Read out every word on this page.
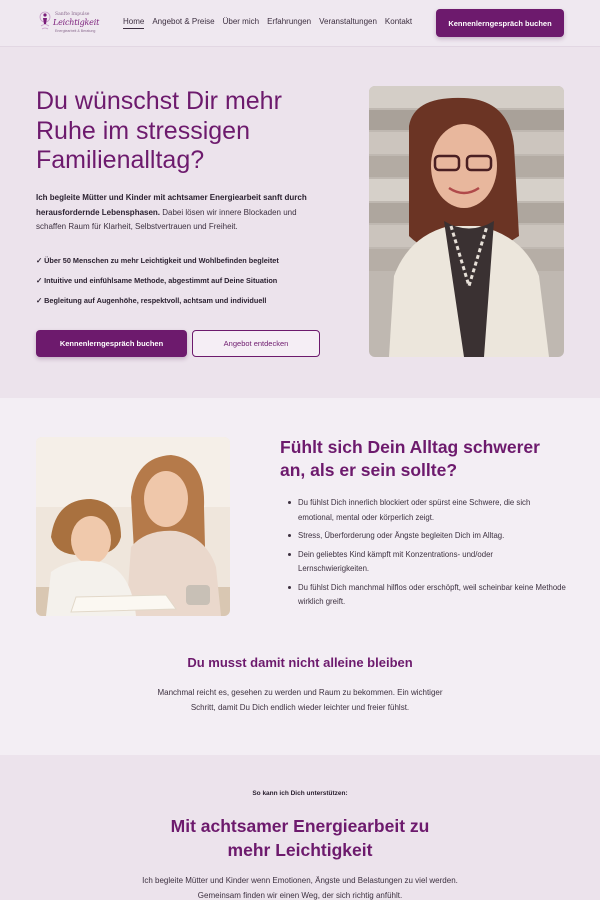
Sanfte Impulse
Leichtigkeit
Energiearbeit & Beratung
Home Angebot & Preise Über mich Erfahrungen Veranstaltungen Kontakt	Kennenlerngespräch buchen
Du wünschst Dir mehr Ruhe im stressigen Familienalltag?

Ich begleite Mütter und Kinder mit achtsamer Energiearbeit sanft durch herausfordernde Lebensphasen. Dabei lösen wir innere Blockaden und schaffen Raum für Klarheit, Selbstvertrauen und Freiheit.

✓ Über 50 Menschen zu mehr Leichtigkeit und Wohlbefinden begleitet
✓ Intuitive und einfühlsame Methode, abgestimmt auf Deine Situation
✓ Begleitung auf Augenhöhe, respektvoll, achtsam und individuell
Kennenlerngespräch buchen	Angebot entdecken
Fühlt sich Dein Alltag schwerer an, als er sein sollte?
Du fühlst Dich innerlich blockiert oder spürst eine Schwere, die sich emotional, mental oder körperlich zeigt.
Stress, Überforderung oder Ängste begleiten Dich im Alltag.
Dein geliebtes Kind kämpft mit Konzentrations- und/oder Lernschwierigkeiten.
Du fühlst Dich manchmal hilflos oder erschöpft, weil scheinbar keine Methode wirklich greift.
Du musst damit nicht alleine bleiben

Manchmal reicht es, gesehen zu werden und Raum zu bekommen. Ein wichtiger Schritt, damit Du Dich endlich wieder leichter und freier fühlst.

So kann ich Dich unterstützen:
Mit achtsamer Energiearbeit zu mehr Leichtigkeit

Ich begleite Mütter und Kinder wenn Emotionen, Ängste und Belastungen zu viel werden. Gemeinsam finden wir einen Weg, der sich richtig anfühlt.
